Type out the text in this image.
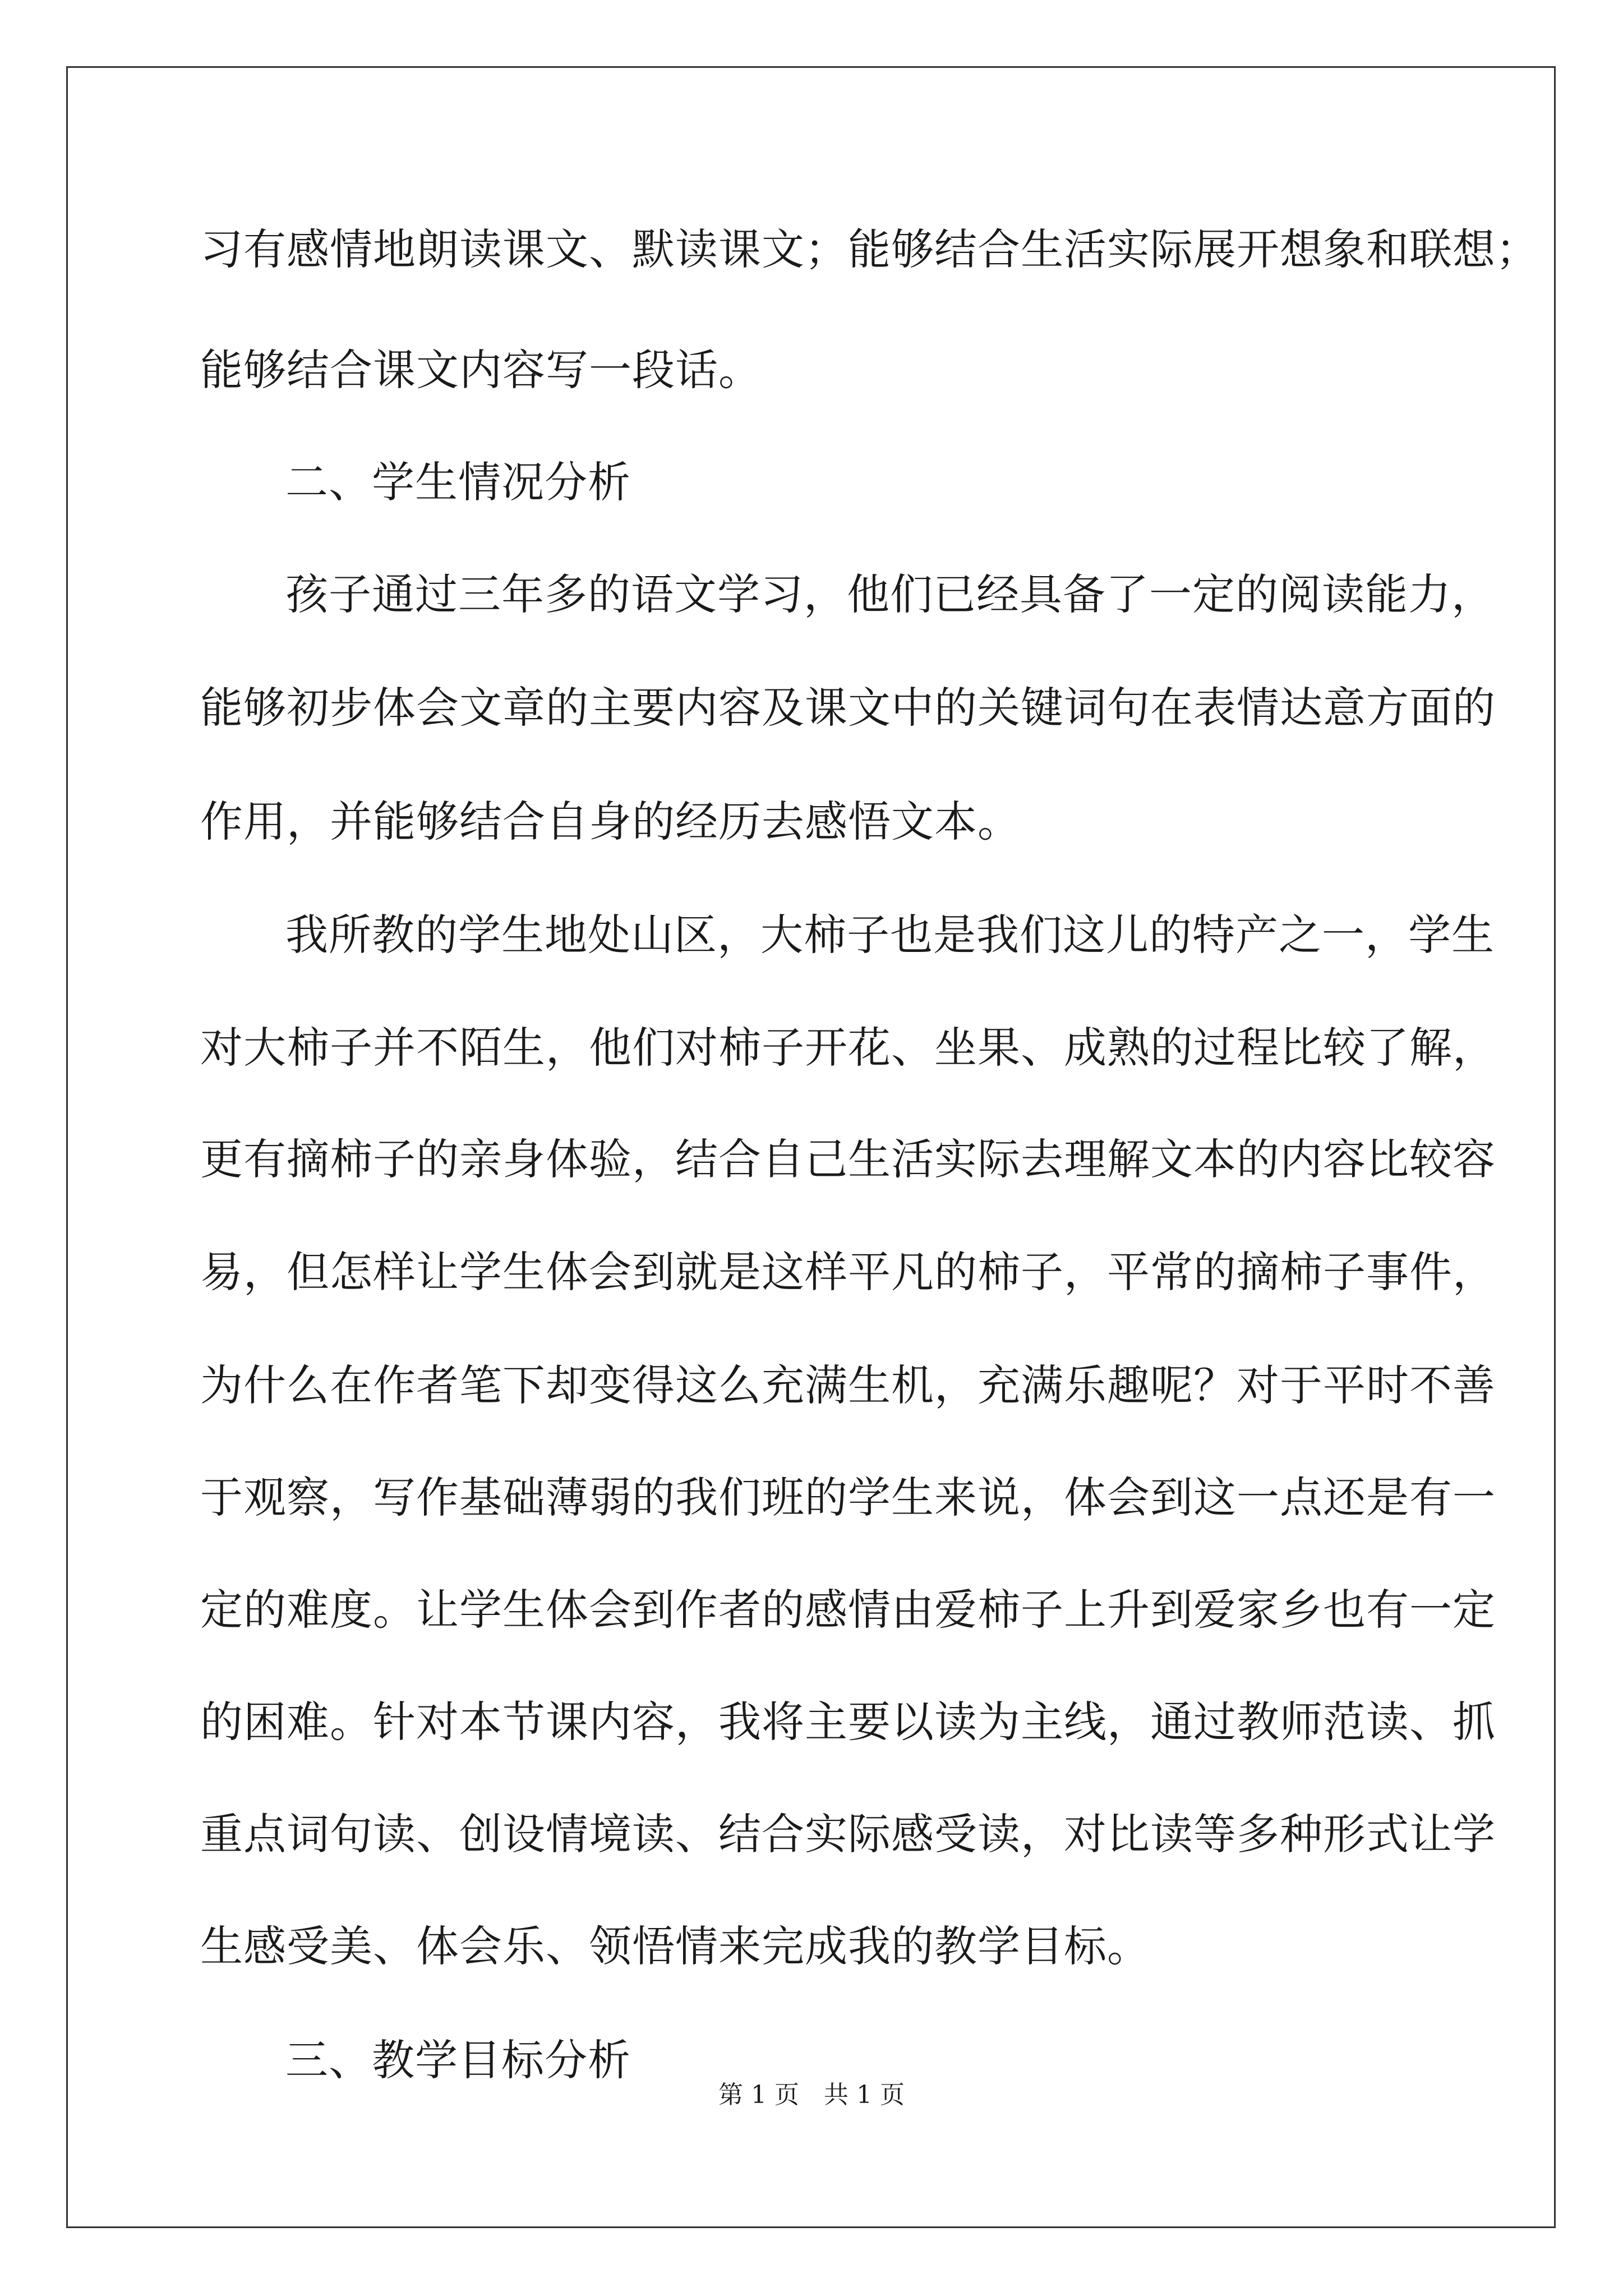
习有感情地朗读课文、默读课文；能够结合生活实际展开想象和联想；
能够结合课文内容写一段话。
二、学生情况分析
孩子通过三年多的语文学习，他们已经具备了一定的阅读能力，
能够初步体会文章的主要内容及课文中的关键词句在表情达意方面的
作用，并能够结合自身的经历去感悟文本。
我所教的学生地处山区，大柿子也是我们这儿的特产之一，学生
对大柿子并不陌生，他们对柿子开花、坐果、成熟的过程比较了解，
更有摘柿子的亲身体验，结合自己生活实际去理解文本的内容比较容
易，但怎样让学生体会到就是这样平凡的柿子，平常的摘柿子事件，
为什么在作者笔下却变得这么充满生机，充满乐趣呢？对于平时不善
于观察，写作基础薄弱的我们班的学生来说，体会到这一点还是有一
定的难度。让学生体会到作者的感情由爱柿子上升到爱家乡也有一定
的困难。针对本节课内容，我将主要以读为主线，通过教师范读、抓
重点词句读、创设情境读、结合实际感受读，对比读等多种形式让学
生感受美、体会乐、领悟情来完成我的教学目标。
三、教学目标分析
第 1 页　共 1 页
